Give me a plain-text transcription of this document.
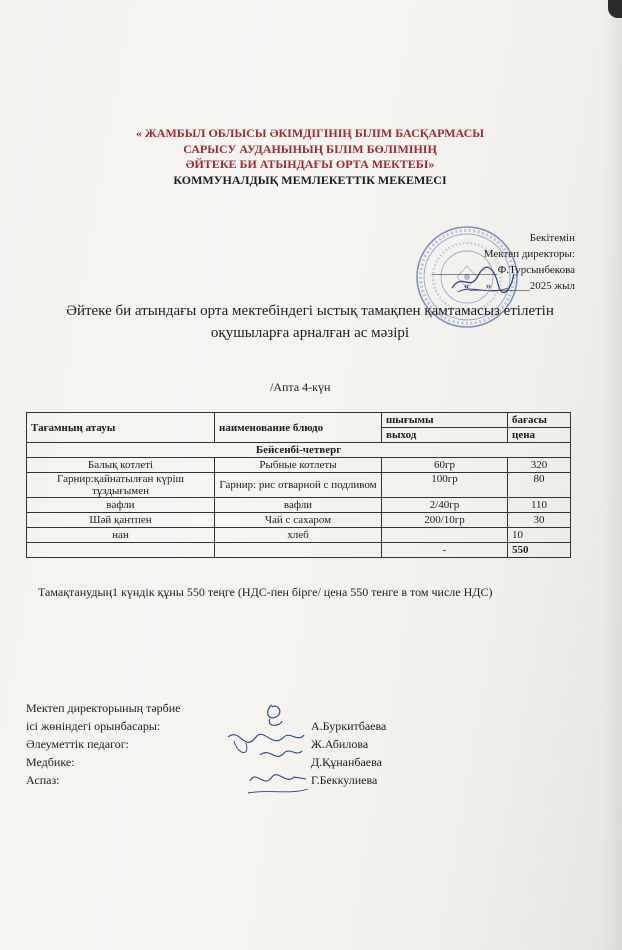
« ЖАМБЫЛ ОБЛЫСЫ ӘКІМДІГІНІҢ БІЛІМ БАСҚАРМАСЫ
САРЫСУ АУДАНЫНЫҢ БІЛІМ БӨЛІМІНІҢ
ӘЙТЕКЕ БИ АТЫНДАҒЫ ОРТА МЕКТЕБІ»
КОММУНАЛДЫҚ МЕМЛЕКЕТТІК МЕКЕМЕСІ
Бекітемін
Мектеп директоры:
____________Ф.Турсынбекова
«___»_______2025 жыл
Әйтеке би атындағы орта мектебіндегі ыстық тамақпен қамтамасыз етілетін
оқушыларға арналған ас мәзірі
/Апта 4-күн
Тағамның атауы	наименование блюдо	шығымы	бағасы
		выход	цена
Бейсенбі-четверг			
Балық котлеті	Рыбные котлеты	60гр	320
Гарнир:қайнатылған күріш тұздығымен	Гарнир: рис отварной с подливом	100гр	80
вафли	вафли	2/40гр	110
Шәй қантпен	Чай с сахаром	200/10гр	30
нан	хлеб		10
		-	550
Тамақтанудың1 күндік құны 550 теңге (НДС-пен бірге/ цена 550 тенге в том числе НДС)
Мектеп директорының тәрбие
ісі жөніндегі орынбасары:	А.Буркитбаева
Әлеуметтік педагог:	Ж.Абилова
Медбике:	Д.Құнанбаева
Аспаз:	Г.Беккулиева
